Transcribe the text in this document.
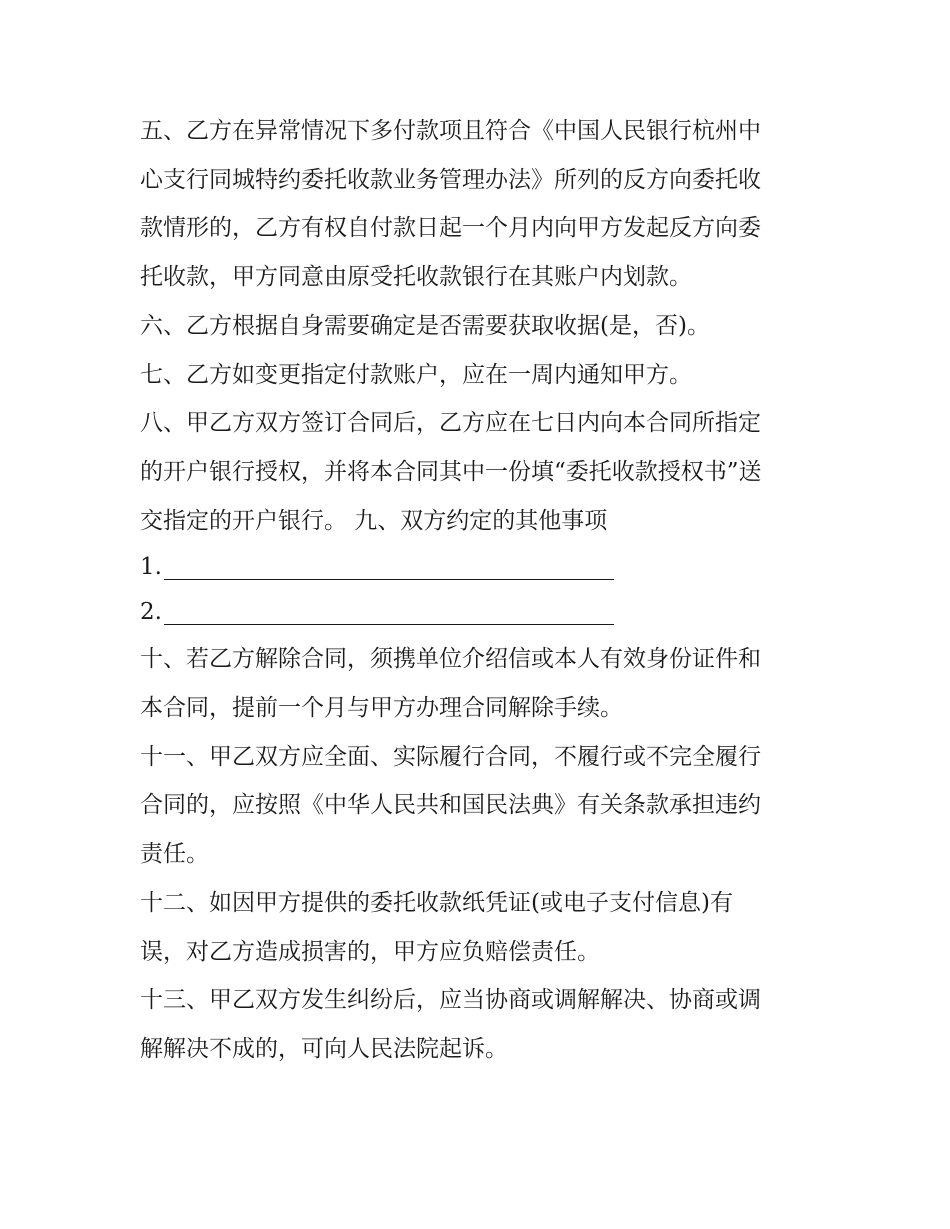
五、乙方在异常情况下多付款项且符合《中国人民银行杭州中

心支行同城特约委托收款业务管理办法》所列的反方向委托收

款情形的，乙方有权自付款日起一个月内向甲方发起反方向委

托收款，甲方同意由原受托收款银行在其账户内划款。

六、乙方根据自身需要确定是否需要获取收据(是，否)。

七、乙方如变更指定付款账户，应在一周内通知甲方。

八、甲乙方双方签订合同后，乙方应在七日内向本合同所指定

的开户银行授权，并将本合同其中一份填“委托收款授权书”送

交指定的开户银行。 九、双方约定的其他事项

1.
2.

十、若乙方解除合同，须携单位介绍信或本人有效身份证件和

本合同，提前一个月与甲方办理合同解除手续。

十一、甲乙双方应全面、实际履行合同，不履行或不完全履行

合同的，应按照《中华人民共和国民法典》有关条款承担违约

责任。

十二、如因甲方提供的委托收款纸凭证(或电子支付信息)有

误，对乙方造成损害的，甲方应负赔偿责任。

十三、甲乙双方发生纠纷后，应当协商或调解解决、协商或调

解解决不成的，可向人民法院起诉。
